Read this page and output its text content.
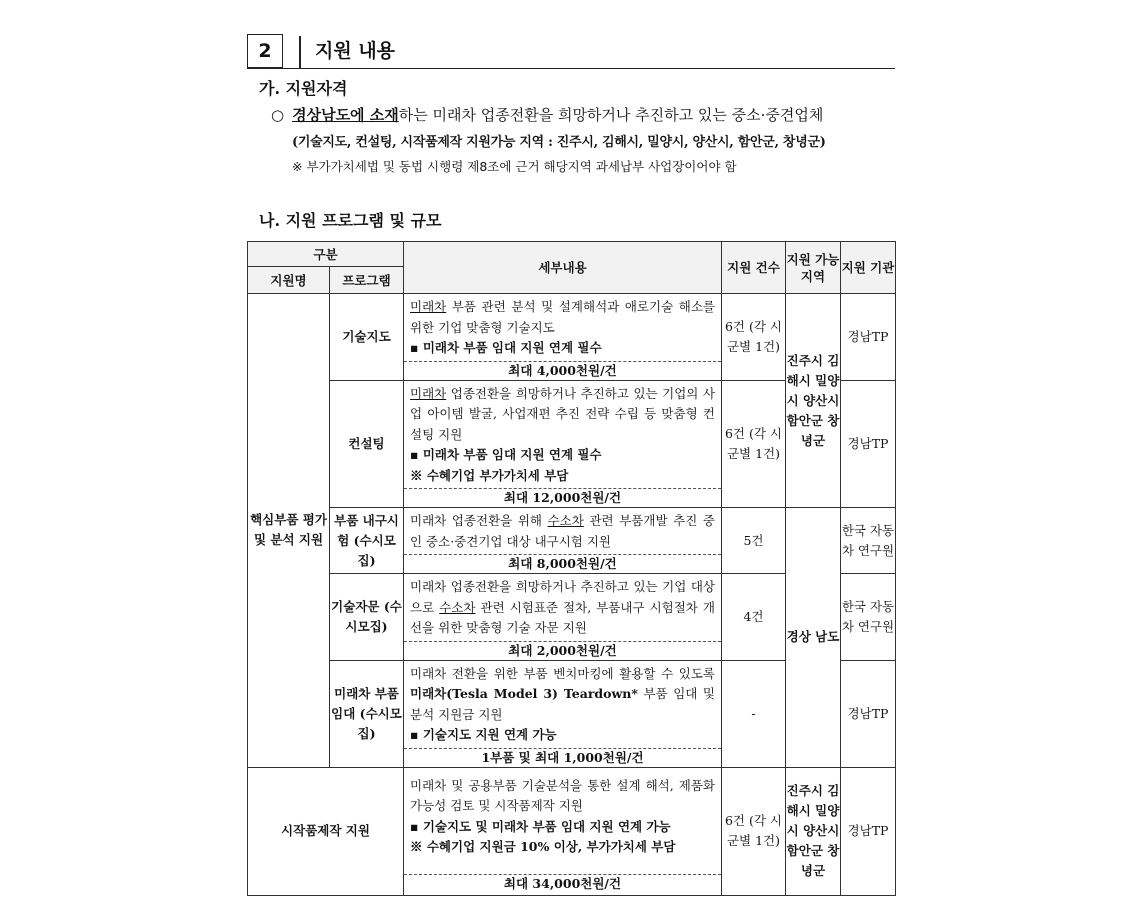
2	지원 내용
가. 지원자격
○ 경상남도에 소재하는 미래차 업종전환을 희망하거나 추진하고 있는 중소·중견업체
(기술지도, 컨설팅, 시작품제작 지원가능 지역 : 진주시, 김해시, 밀양시, 양산시, 함안군, 창녕군)
※ 부가가치세법 및 동법 시행령 제8조에 근거 해당지역 과세납부 사업장이어야 함
나. 지원 프로그램 및 규모
구분		세부내용	지원 건수	지원 가능 지역	지원 기관
지원명	프로그램				
핵심부품 평가 및 분석 지원	기술지도	미래차 부품 관련 분석 및 설계해석과 애로기술 해소를 위한 기업 맞춤형 기술지도
▪ 미래차 부품 임대 지원 연계 필수
최대 4,000천원/건	6건 (각 시군별 1건)	진주시 김해시 밀양시 양산시 함안군 창녕군	경남TP
	컨설팅	미래차 업종전환을 희망하거나 추진하고 있는 기업의 사업 아이템 발굴, 사업재편 추진 전략 수립 등 맞춤형 컨설팅 지원
▪ 미래차 부품 임대 지원 연계 필수
※ 수혜기업 부가가치세 부담
최대 12,000천원/건	6건 (각 시군별 1건)		경남TP
	부품 내구시험 (수시모집)	미래차 업종전환을 위해 수소차 관련 부품개발 추진 중인 중소·중견기업 대상 내구시험 지원
최대 8,000천원/건	5건	경상 남도	한국 자동차 연구원
	기술자문 (수시모집)	미래차 업종전환을 희망하거나 추진하고 있는 기업 대상으로 수소차 관련 시험표준 절차, 부품내구 시험절차 개선을 위한 맞춤형 기술 자문 지원
최대 2,000천원/건	4건		한국 자동차 연구원
	미래차 부품 임대 (수시모집)	미래차 전환을 위한 부품 벤치마킹에 활용할 수 있도록 미래차(Tesla Model 3) Teardown* 부품 임대 및 분석 지원금 지원
▪ 기술지도 지원 연계 가능
1부품 및 최대 1,000천원/건	-		경남TP
시작품제작 지원		미래차 및 공용부품 기술분석을 통한 설계 해석, 제품화 가능성 검토 및 시작품제작 지원
▪ 기술지도 및 미래차 부품 임대 지원 연계 가능
※ 수혜기업 지원금 10% 이상, 부가가치세 부담
최대 34,000천원/건	6건 (각 시군별 1건)	진주시 김해시 밀양시 양산시 함안군 창녕군	경남TP
